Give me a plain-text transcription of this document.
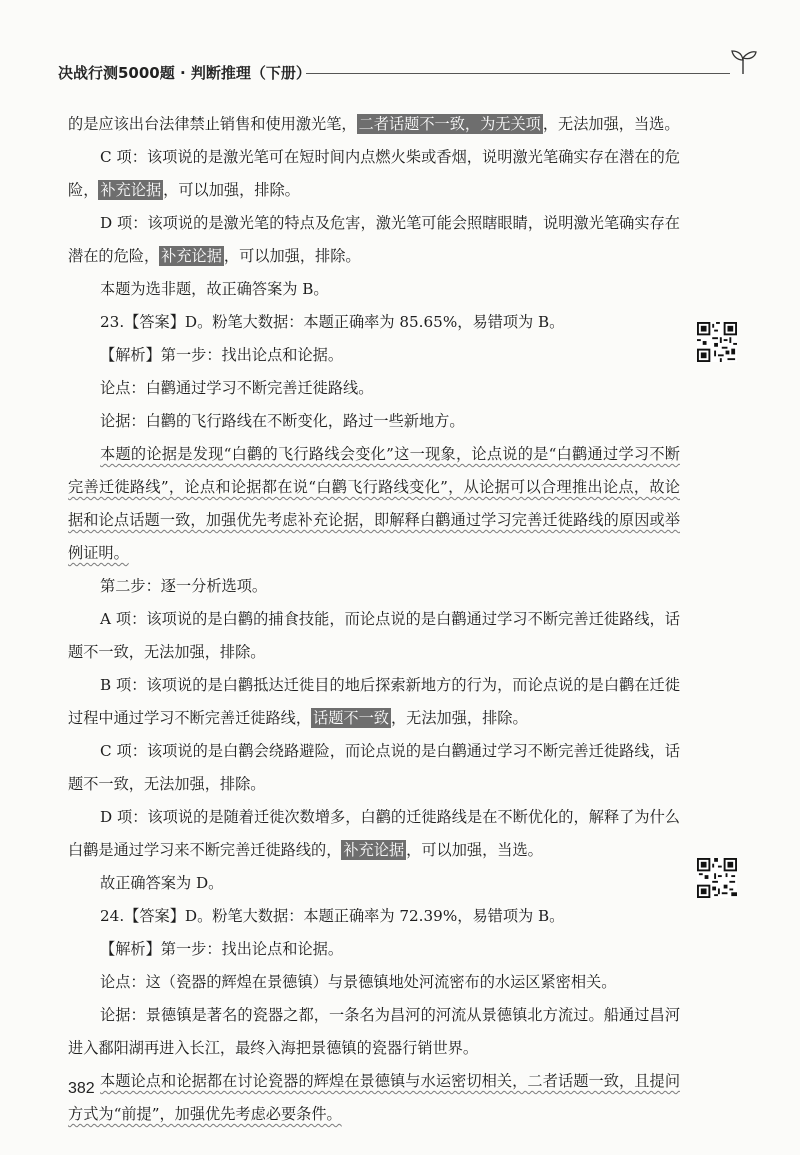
决战行测5000题 · 判断推理（下册）

的是应该出台法律禁止销售和使用激光笔， 二者话题不一致，为无关项 ，无法加强，当选。

C 项：该项说的是激光笔可在短时间内点燃火柴或香烟，说明激光笔确实存在潜在的危险， 补充论据 ，可以加强，排除。

D 项：该项说的是激光笔的特点及危害，激光笔可能会照瞎眼睛，说明激光笔确实存在潜在的危险， 补充论据 ，可以加强，排除。

本题为选非题，故正确答案为 B。

23.【答案】D。粉笔大数据：本题正确率为 85.65%，易错项为 B。

【解析】第一步：找出论点和论据。

论点：白鹳通过学习不断完善迁徙路线。

论据：白鹳的飞行路线在不断变化，路过一些新地方。

本题的论据是发现“白鹳的飞行路线会变化”这一现象，论点说的是“白鹳通过学习不断完善迁徙路线”，论点和论据都在说“白鹳飞行路线变化”，从论据可以合理推出论点，故论据和论点话题一致，加强优先考虑补充论据，即解释白鹳通过学习完善迁徙路线的原因或举例证明。

第二步：逐一分析选项。

A 项：该项说的是白鹳的捕食技能，而论点说的是白鹳通过学习不断完善迁徙路线，话题不一致，无法加强，排除。

B 项：该项说的是白鹳抵达迁徙目的地后探索新地方的行为，而论点说的是白鹳在迁徙过程中通过学习不断完善迁徙路线， 话题不一致 ，无法加强，排除。

C 项：该项说的是白鹳会绕路避险，而论点说的是白鹳通过学习不断完善迁徙路线，话题不一致，无法加强，排除。

D 项：该项说的是随着迁徙次数增多，白鹳的迁徙路线是在不断优化的，解释了为什么白鹳是通过学习来不断完善迁徙路线的， 补充论据 ，可以加强，当选。

故正确答案为 D。

24.【答案】D。粉笔大数据：本题正确率为 72.39%，易错项为 B。

【解析】第一步：找出论点和论据。

论点：这（瓷器的辉煌在景德镇）与景德镇地处河流密布的水运区紧密相关。

论据：景德镇是著名的瓷器之都，一条名为昌河的河流从景德镇北方流过。船通过昌河进入鄱阳湖再进入长江，最终入海把景德镇的瓷器行销世界。

本题论点和论据都在讨论瓷器的辉煌在景德镇与水运密切相关，二者话题一致，且提问方式为“前提”，加强优先考虑必要条件。

382
